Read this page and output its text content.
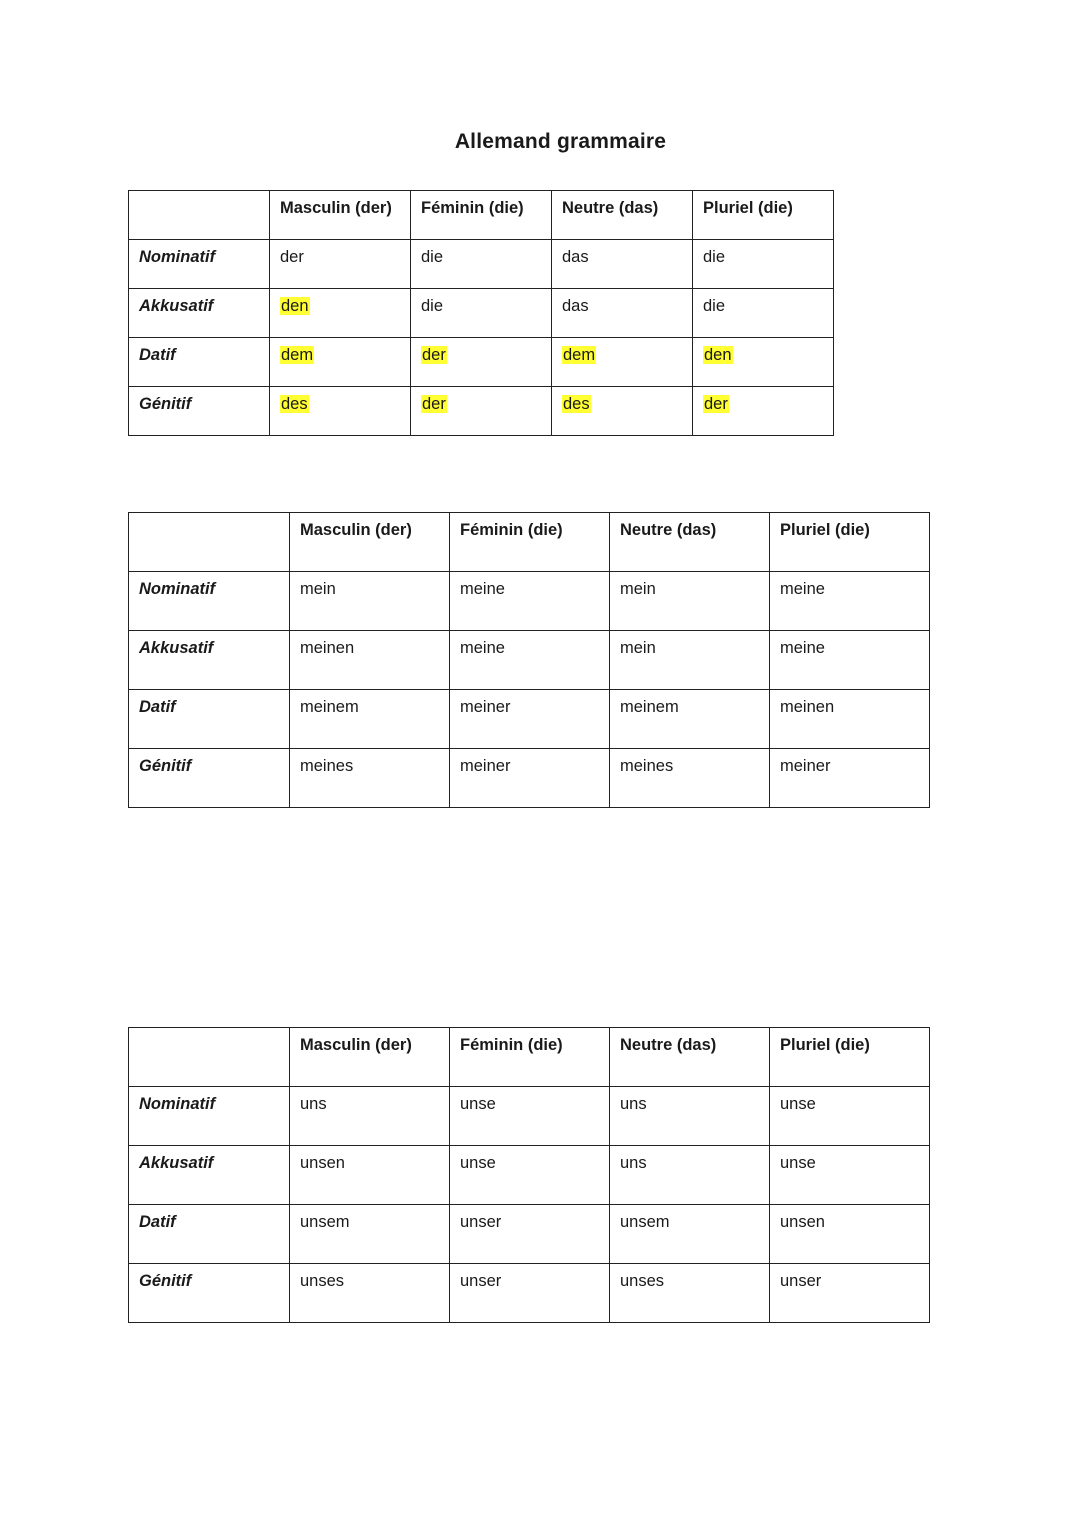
Allemand grammaire
	Masculin (der)	Féminin (die)	Neutre (das)	Pluriel (die)
Nominatif	der	die	das	die
Akkusatif	den	die	das	die
Datif	dem	der	dem	den
Génitif	des	der	des	der
	Masculin (der)	Féminin (die)	Neutre (das)	Pluriel (die)
Nominatif	mein	meine	mein	meine
Akkusatif	meinen	meine	mein	meine
Datif	meinem	meiner	meinem	meinen
Génitif	meines	meiner	meines	meiner
	Masculin (der)	Féminin (die)	Neutre (das)	Pluriel (die)
Nominatif	uns	unse	uns	unse
Akkusatif	unsen	unse	uns	unse
Datif	unsem	unser	unsem	unsen
Génitif	unses	unser	unses	unser
